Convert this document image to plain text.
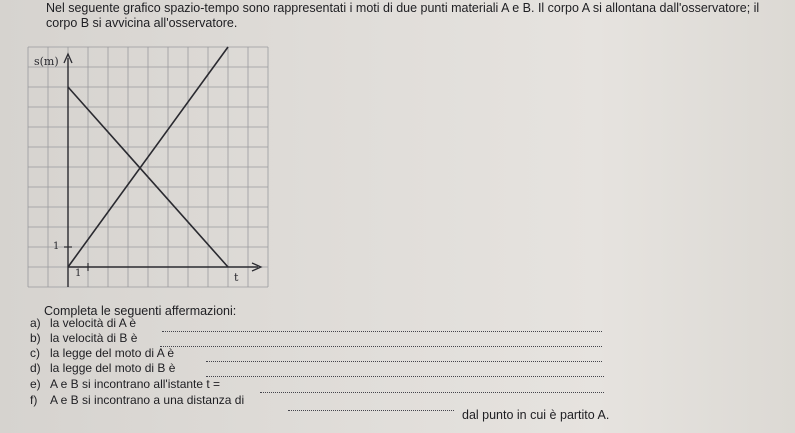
Nel seguente grafico spazio-tempo sono rappresentati i moti di due punti materiali A e B. Il corpo A si allontana dall'osservatore; il corpo B si avvicina all'osservatore.
s(m)
t
1
1
Completa le seguenti affermazioni:
a) la velocità di A è
b) la velocità di B è
c) la legge del moto di A è
d) la legge del moto di B è
e) A e B si incontrano all'istante t =
f) A e B si incontrano a una distanza di
dal punto in cui è partito A.
